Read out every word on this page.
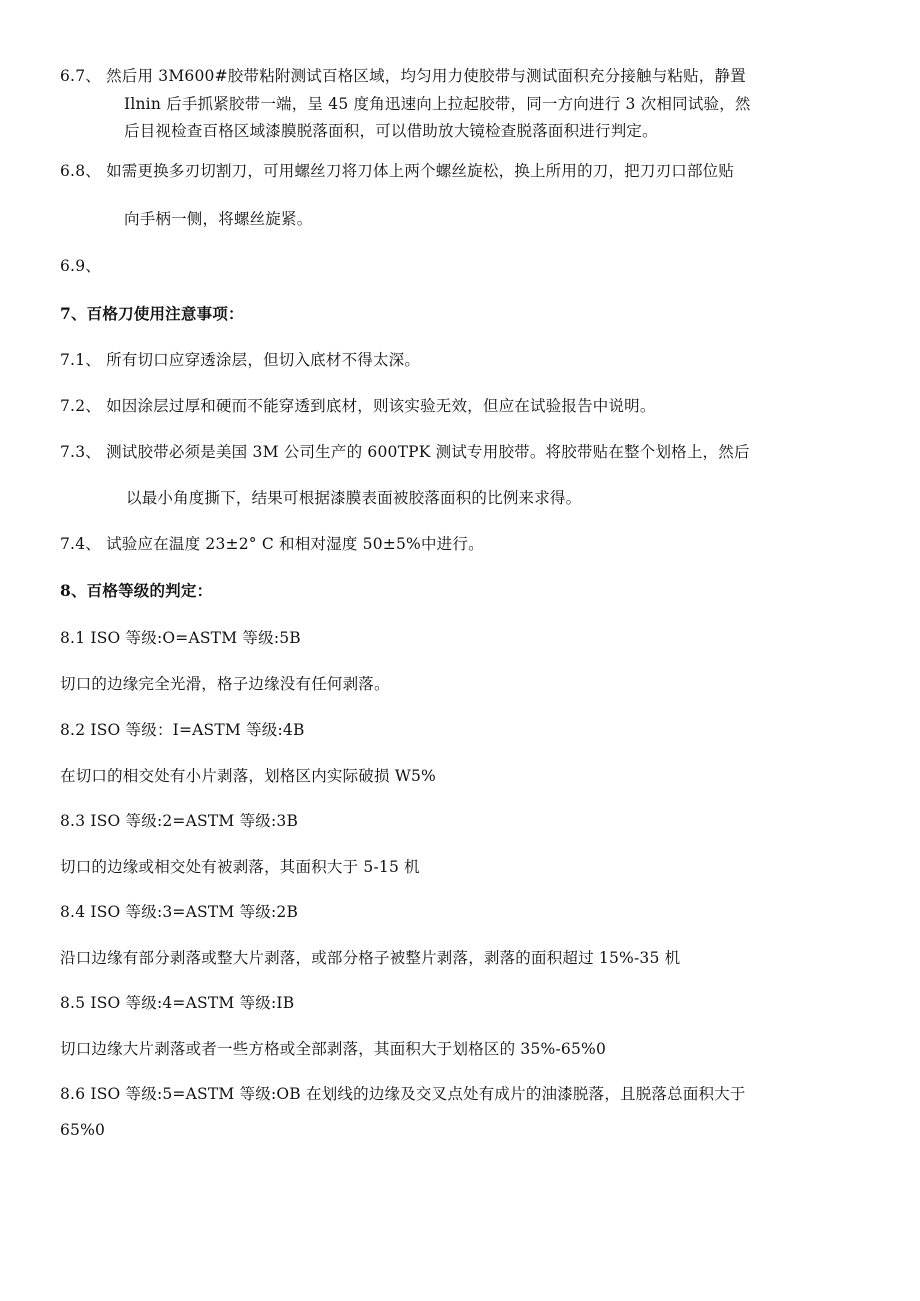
6.7、 然后用 3M600#胶带粘附测试百格区域，均匀用力使胶带与测试面积充分接触与粘贴，静置
Ilnin 后手抓紧胶带一端，呈 45 度角迅速向上拉起胶带，同一方向进行 3 次相同试验，然
后目视检查百格区域漆膜脱落面积，可以借助放大镜检查脱落面积进行判定。
6.8、 如需更换多刃切割刀，可用螺丝刀将刀体上两个螺丝旋松，换上所用的刀，把刀刃口部位贴
向手柄一侧，将螺丝旋紧。
6.9、
7、百格刀使用注意事项：
7.1、 所有切口应穿透涂层，但切入底材不得太深。
7.2、 如因涂层过厚和硬而不能穿透到底材，则该实验无效，但应在试验报告中说明。
7.3、 测试胶带必须是美国 3M 公司生产的 600TPK 测试专用胶带。将胶带贴在整个划格上，然后
以最小角度撕下，结果可根据漆膜表面被胶落面积的比例来求得。
7.4、 试验应在温度 23±2° C 和相对湿度 50±5%中进行。
8、百格等级的判定：
8.1 ISO 等级:O=ASTM 等级:5B
切口的边缘完全光滑，格子边缘没有任何剥落。
8.2 ISO 等级：I=ASTM 等级:4B
在切口的相交处有小片剥落，划格区内实际破损 W5%
8.3 ISO 等级:2=ASTM 等级:3B
切口的边缘或相交处有被剥落，其面积大于 5-15 机
8.4 ISO 等级:3=ASTM 等级:2B
沿口边缘有部分剥落或整大片剥落，或部分格子被整片剥落，剥落的面积超过 15%-35 机
8.5 ISO 等级:4=ASTM 等级:IB
切口边缘大片剥落或者一些方格或全部剥落，其面积大于划格区的 35%-65%0
8.6 ISO 等级:5=ASTM 等级:OB 在划线的边缘及交叉点处有成片的油漆脱落，且脱落总面积大于
65%0
